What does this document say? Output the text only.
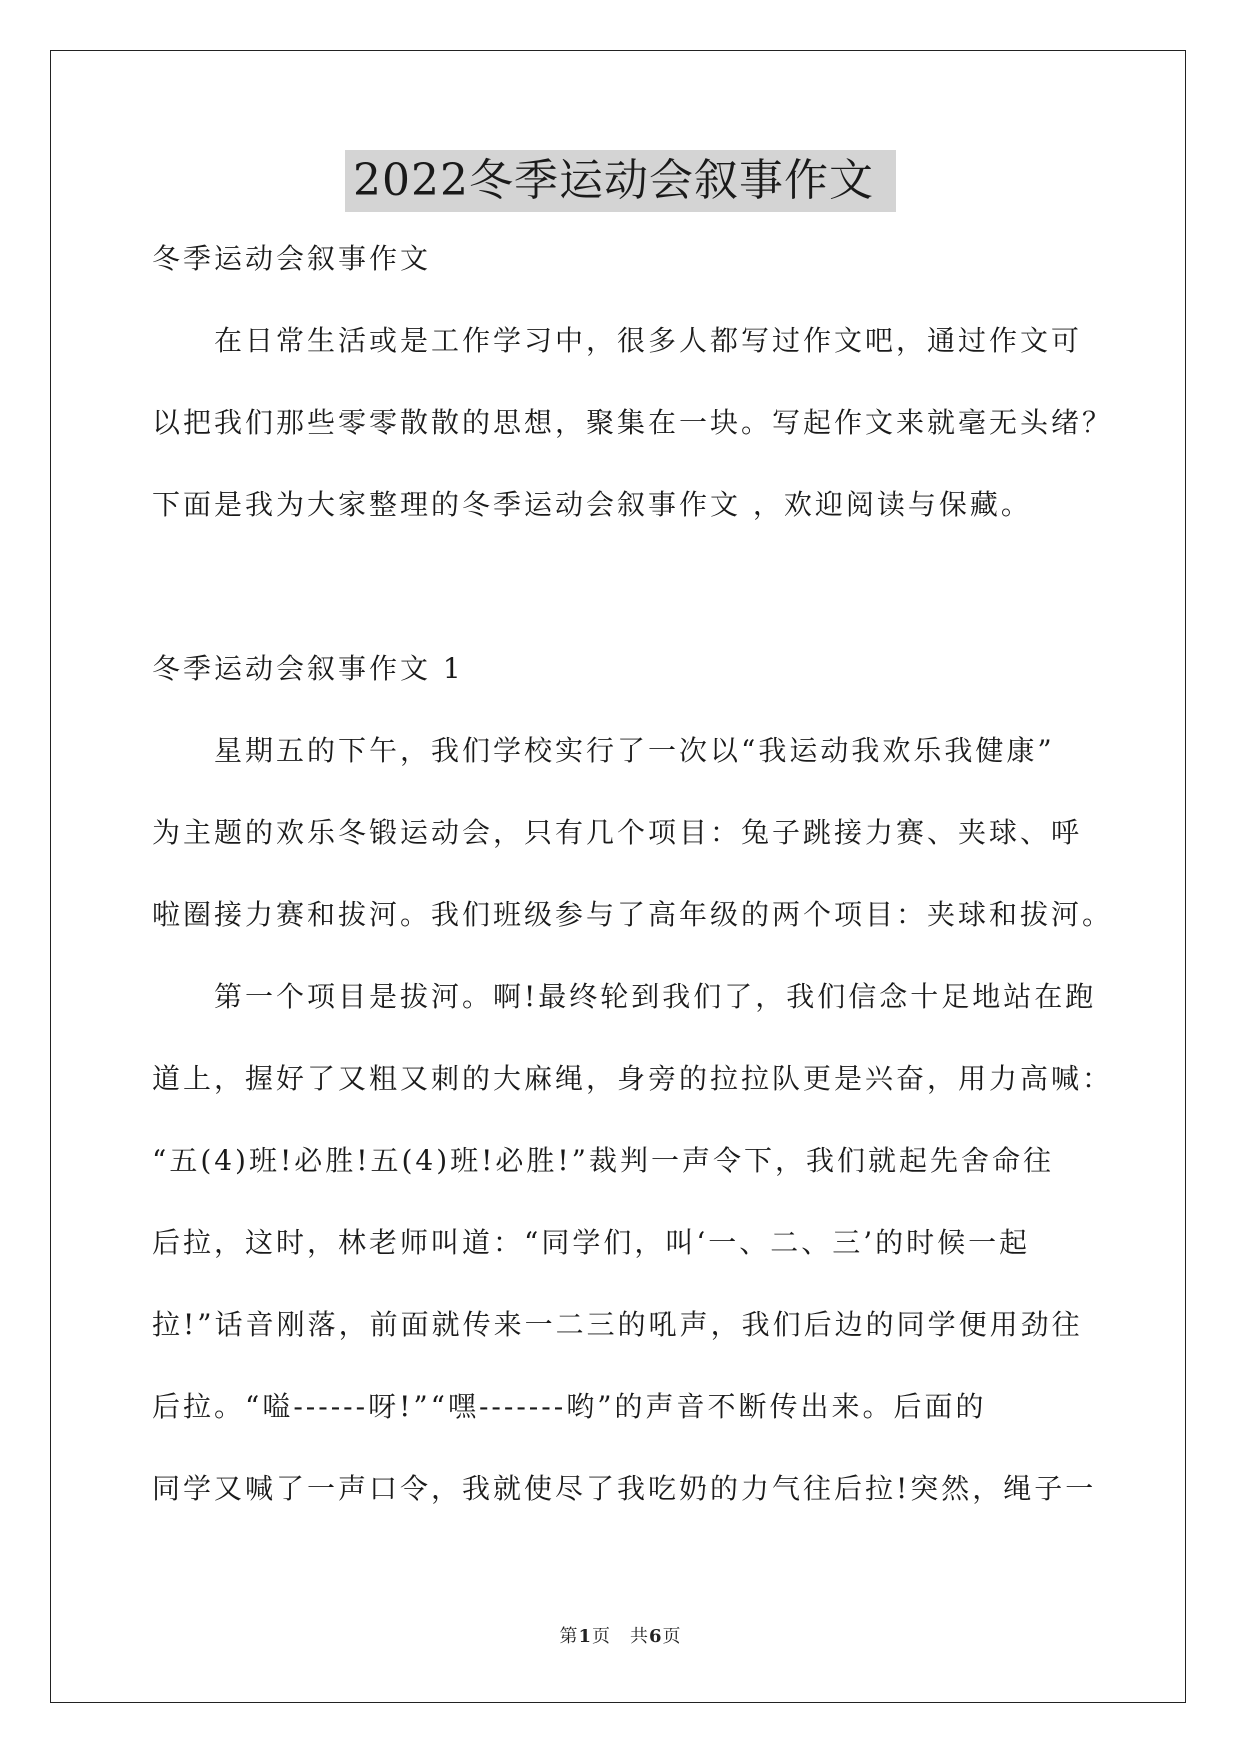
2022冬季运动会叙事作文

冬季运动会叙事作文

在日常生活或是工作学习中，很多人都写过作文吧，通过作文可

以把我们那些零零散散的思想，聚集在一块。写起作文来就毫无头绪？

下面是我为大家整理的冬季运动会叙事作文 ，欢迎阅读与保藏。

冬季运动会叙事作文 1

星期五的下午，我们学校实行了一次以“我运动我欢乐我健康”

为主题的欢乐冬锻运动会，只有几个项目：兔子跳接力赛、夹球、呼

啦圈接力赛和拔河。我们班级参与了高年级的两个项目：夹球和拔河。

第一个项目是拔河。啊!最终轮到我们了，我们信念十足地站在跑

道上，握好了又粗又刺的大麻绳，身旁的拉拉队更是兴奋，用力高喊：

“五(4)班!必胜!五(4)班!必胜!”裁判一声令下，我们就起先舍命往

后拉，这时，林老师叫道：“同学们，叫‘一、二、三’的时候一起

拉!”话音刚落，前面就传来一二三的吼声，我们后边的同学便用劲往

后拉。“嗌------呀!”“嘿-------哟”的声音不断传出来。后面的

同学又喊了一声口令，我就使尽了我吃奶的力气往后拉!突然，绳子一

第1页　共6页
